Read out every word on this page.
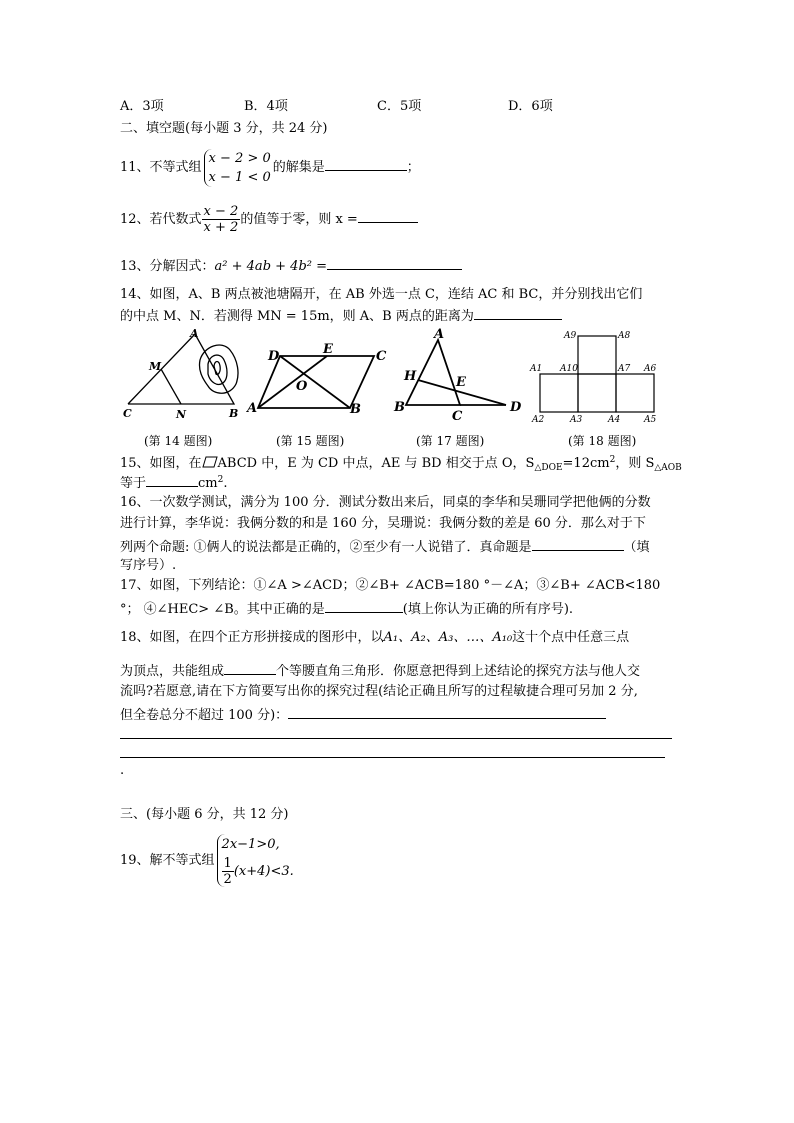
A．3项	B．4项	C．5项	D．6项
二、填空题(每小题 3 分，共 24 分)
11、不等式组
x − 2 > 0
x − 1 < 0
的解集是	；
12、若代数式 $\frac{x - 2}{x + 2}$ 的值等于零，则 x =
13、分解因式：a² + 4ab + 4b² =
14、如图，A、B 两点被池塘隔开，在 AB 外选一点 C，连结 AC 和 BC，并分别找出它们
的中点 M、N．若测得 MN = 15m，则 A、B 两点的距离为
A
M
N
C	B
D	E	C
O
A	B
A
H	E
B
C
D
A9	A8
A1 A10	A7 A6
A2	A3	A4	A5
(第 14 题图)	(第 15 题图)	(第 17 题图)	(第 18 题图)
15、如图，在 ABCD 中，E 为 CD 中点，AE 与 BD 相交于点 O，$S_{\triangle DOE}=12cm^2$，则 $S_{\triangle AOB}$
等于	$cm^2$.
16、一次数学测试，满分为 100 分．测试分数出来后，同桌的李华和吴珊同学把他俩的分数
进行计算，李华说：我俩分数的和是 160 分，吴珊说：我俩分数的差是 60 分．那么对于下
列两个命题: ①俩人的说法都是正确的，②至少有一人说错了．真命题是	（填
写序号）.
17、如图，下列结论：①∠A >∠ACD；②∠B+ ∠ACB=180 °－∠A；③∠B+ ∠ACB<180
°； ④∠HEC> ∠B。其中正确的是	(填上你认为正确的所有序号).
18、如图，在四个正方形拼接成的图形中，以A₁、A₂、A₃、…、A₁₀这十个点中任意三点
为顶点，共能组成	个等腰直角三角形．你愿意把得到上述结论的探究方法与他人交
流吗?若愿意,请在下方简要写出你的探究过程(结论正确且所写的过程敏捷合理可另加 2 分,
但全卷总分不超过 100 分)：
.
三、(每小题 6 分，共 12 分)
19、解不等式组
2x−1>0,
$\frac{1}{2} (x+4)<3$.
